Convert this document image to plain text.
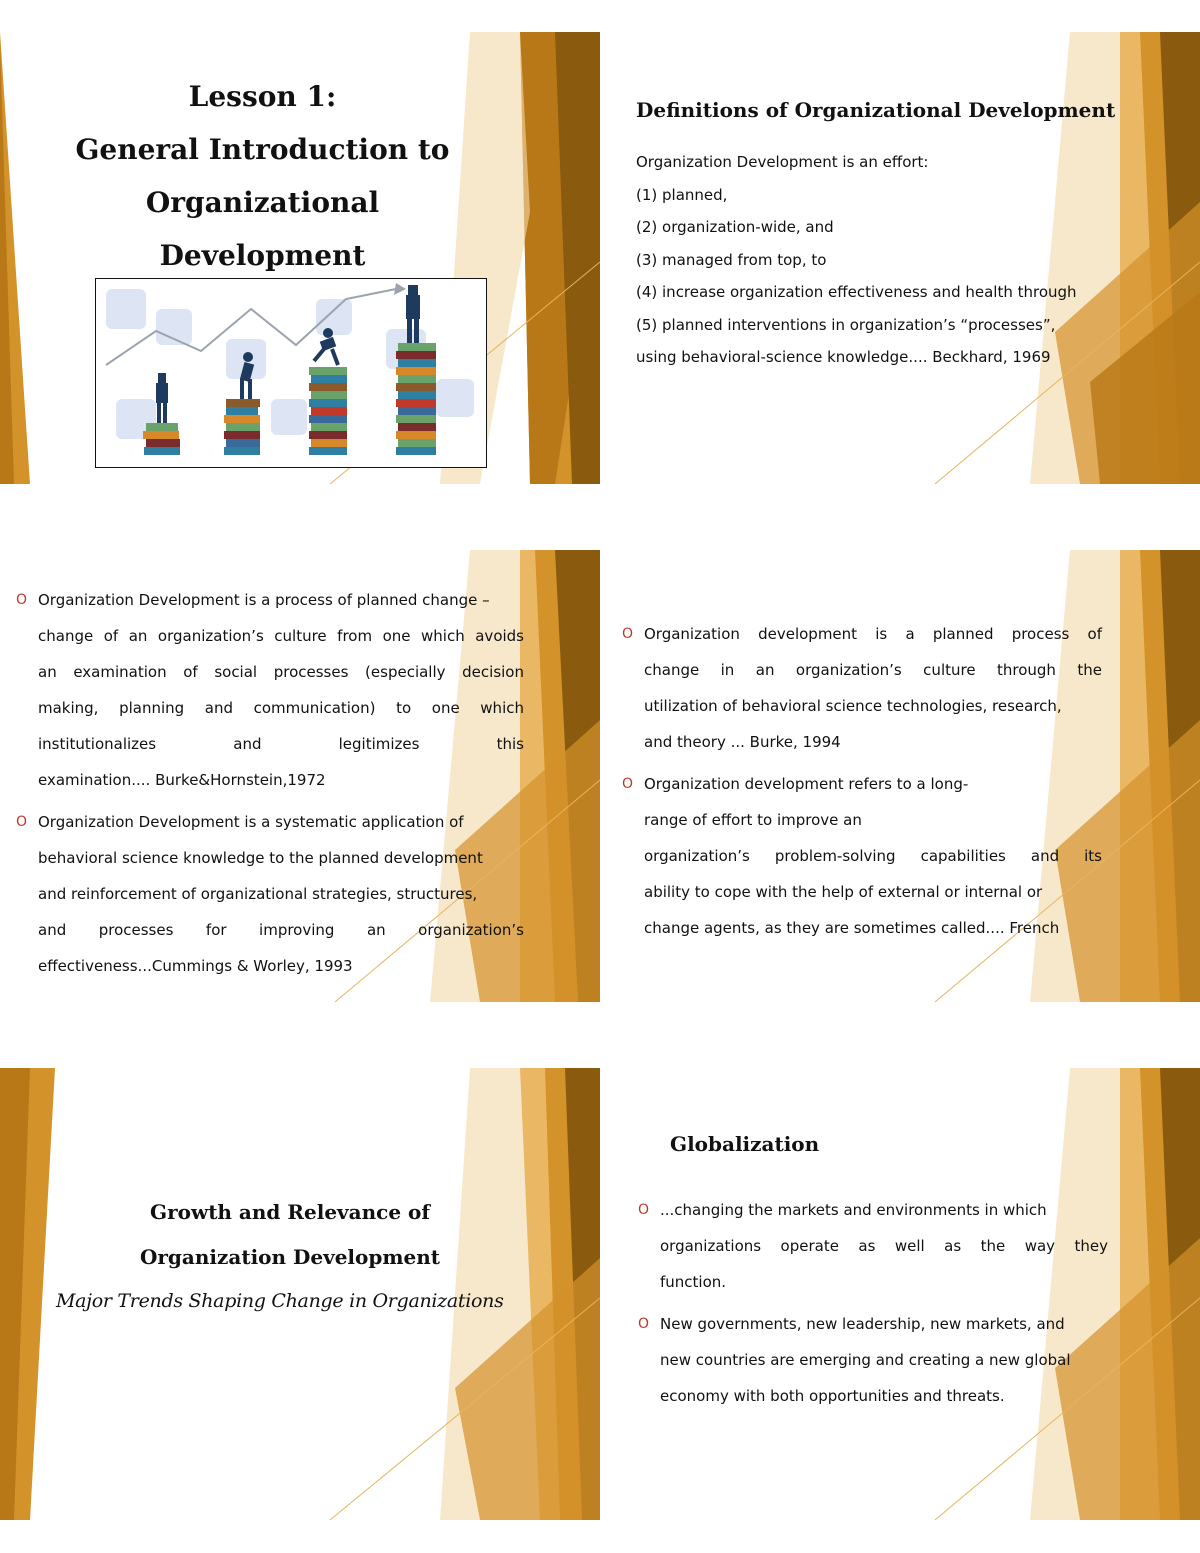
Lesson 1:
General Introduction to
Organizational
Development
Definitions of Organizational Development
Organization Development is an effort:
(1) planned,
(2) organization-wide, and
(3) managed from top, to
(4) increase organization effectiveness and health through
(5) planned interventions in organization’s “processes”,
using behavioral-science knowledge.... Beckhard, 1969
O Organization Development is a process of planned change –
change of an organization’s culture from one which avoids
an examination of social processes (especially decision
making, planning and communication) to one which
institutionalizes and legitimizes this
examination.... Burke&Hornstein,1972
O Organization Development is a systematic application of
behavioral science knowledge to the planned development
and reinforcement of organizational strategies, structures,
and processes for improving an organization’s
effectiveness...Cummings & Worley, 1993
O Organization development is a planned process of
change in an organization’s culture through the
utilization of behavioral science technologies, research,
and theory ... Burke, 1994
O Organization development refers to a long-
range of effort to improve an
organization’s problem-solving capabilities and its
ability to cope with the help of external or internal or
change agents, as they are sometimes called.... French
Growth and Relevance of
Organization Development
Major Trends Shaping Change in Organizations
Globalization
O ...changing the markets and environments in which
organizations operate as well as the way they
function.
O New governments, new leadership, new markets, and
new countries are emerging and creating a new global
economy with both opportunities and threats.
